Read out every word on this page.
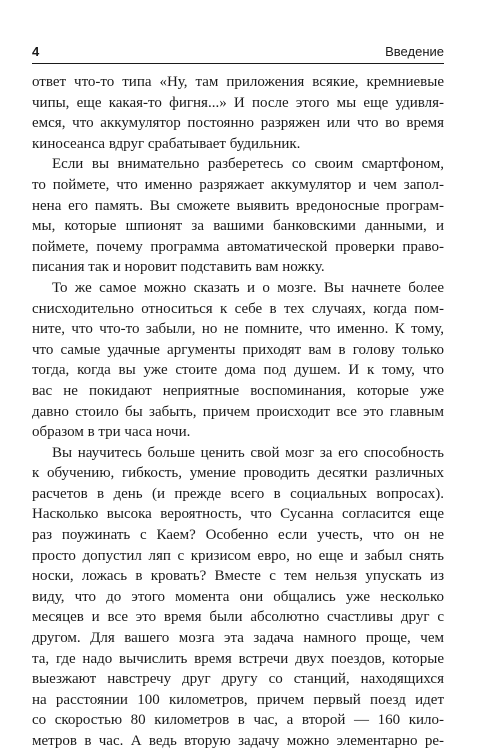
4	Введение
ответ что-то типа «Ну, там приложения всякие, кремниевые
чипы, еще какая-то фигня...» И после этого мы еще удивля-
емся, что аккумулятор постоянно разряжен или что во время
киносеанса вдруг срабатывает будильник.
Если вы внимательно разберетесь со своим смартфоном,
то поймете, что именно разряжает аккумулятор и чем запол-
нена его память. Вы сможете выявить вредоносные програм-
мы, которые шпионят за вашими банковскими данными, и
поймете, почему программа автоматической проверки право-
писания так и норовит подставить вам ножку.
То же самое можно сказать и о мозге. Вы начнете более
снисходительно относиться к себе в тех случаях, когда пом-
ните, что что-то забыли, но не помните, что именно. К тому,
что самые удачные аргументы приходят вам в голову только
тогда, когда вы уже стоите дома под душем. И к тому, что
вас не покидают неприятные воспоминания, которые уже
давно стоило бы забыть, причем происходит все это главным
образом в три часа ночи.
Вы научитесь больше ценить свой мозг за его способность
к обучению, гибкость, умение проводить десятки различных
расчетов в день (и прежде всего в социальных вопросах).
Насколько высока вероятность, что Сусанна согласится еще
раз поужинать с Каем? Особенно если учесть, что он не
просто допустил ляп с кризисом евро, но еще и забыл снять
носки, ложась в кровать? Вместе с тем нельзя упускать из
виду, что до этого момента они общались уже несколько
месяцев и все это время были абсолютно счастливы друг с
другом. Для вашего мозга эта задача намного проще, чем
та, где надо вычислить время встречи двух поездов, которые
выезжают навстречу друг другу со станций, находящихся
на расстоянии 100 километров, причем первый поезд идет
со скоростью 80 километров в час, а второй — 160 кило-
метров в час. А ведь вторую задачу можно элементарно ре-
